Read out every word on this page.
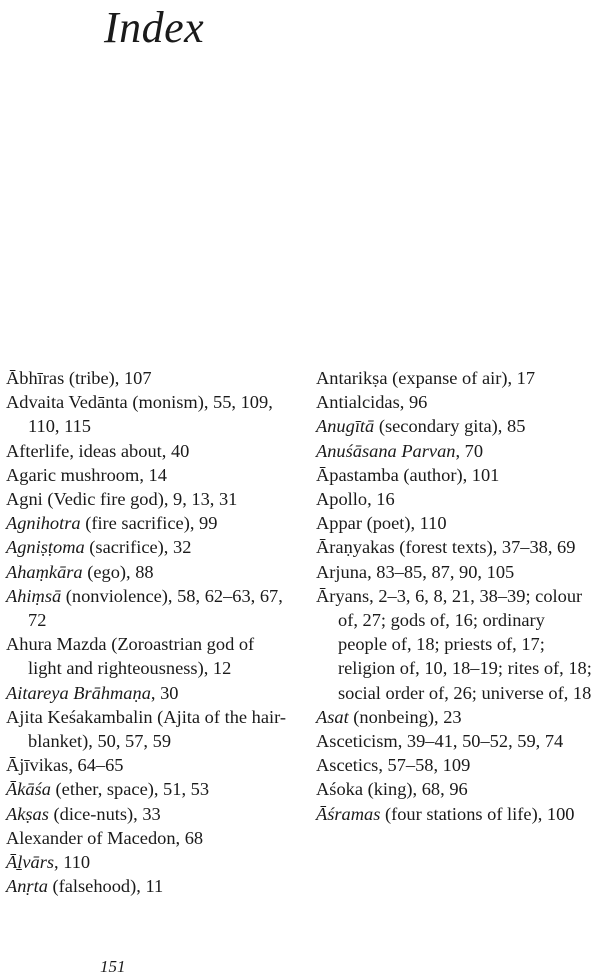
Index
Ābhīras (tribe), 107
Advaita Vedānta (monism), 55, 109, 110, 115
Afterlife, ideas about, 40
Agaric mushroom, 14
Agni (Vedic fire god), 9, 13, 31
Agnihotra (fire sacrifice), 99
Agniṣṭoma (sacrifice), 32
Ahaṃkāra (ego), 88
Ahiṃsā (nonviolence), 58, 62–63, 67, 72
Ahura Mazda (Zoroastrian god of light and righteousness), 12
Aitareya Brāhmaṇa, 30
Ajita Keśakambalin (Ajita of the hair-blanket), 50, 57, 59
Ājīvikas, 64–65
Ākāśa (ether, space), 51, 53
Akṣas (dice-nuts), 33
Alexander of Macedon, 68
Āḻvārs, 110
Anṛta (falsehood), 11
Antarikṣa (expanse of air), 17
Antialcidas, 96
Anugītā (secondary gita), 85
Anuśāsana Parvan, 70
Āpastamba (author), 101
Apollo, 16
Appar (poet), 110
Āraṇyakas (forest texts), 37–38, 69
Arjuna, 83–85, 87, 90, 105
Āryans, 2–3, 6, 8, 21, 38–39; colour of, 27; gods of, 16; ordinary people of, 18; priests of, 17; religion of, 10, 18–19; rites of, 18; social order of, 26; universe of, 18
Asat (nonbeing), 23
Asceticism, 39–41, 50–52, 59, 74
Ascetics, 57–58, 109
Aśoka (king), 68, 96
Āśramas (four stations of life), 100
151
